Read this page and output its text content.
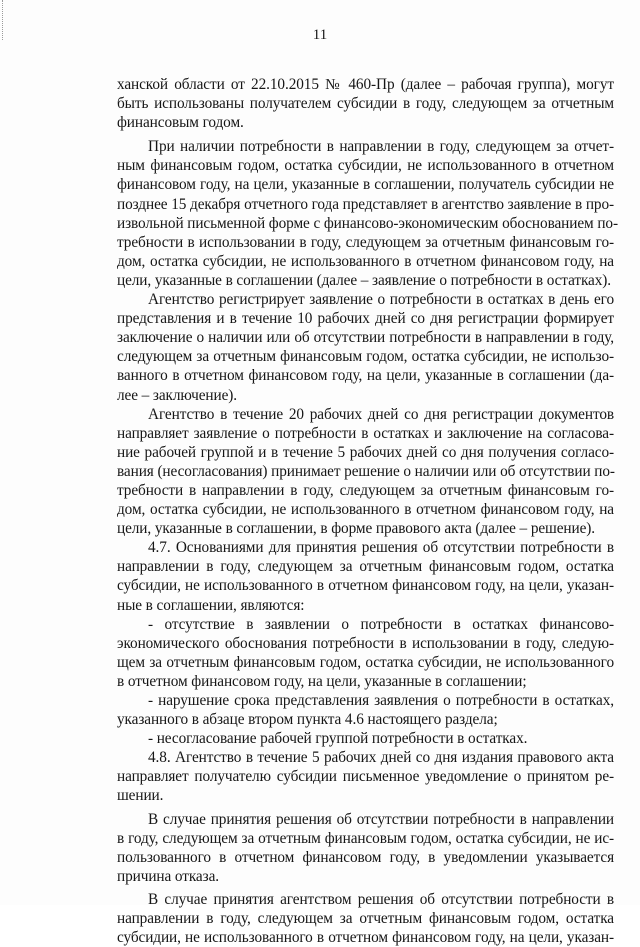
11
ханской области от 22.10.2015 № 460-Пр (далее – рабочая группа), могут
быть использованы получателем субсидии в году, следующем за отчетным
финансовым годом.
При наличии потребности в направлении в году, следующем за отчет-
ным финансовым годом, остатка субсидии, не использованного в отчетном
финансовом году, на цели, указанные в соглашении, получатель субсидии не
позднее 15 декабря отчетного года представляет в агентство заявление в про-
извольной письменной форме с финансово-экономическим обоснованием по-
требности в использовании в году, следующем за отчетным финансовым го-
дом, остатка субсидии, не использованного в отчетном финансовом году, на
цели, указанные в соглашении (далее – заявление о потребности в остатках).
Агентство регистрирует заявление о потребности в остатках в день его
представления и в течение 10 рабочих дней со дня регистрации формирует
заключение о наличии или об отсутствии потребности в направлении в году,
следующем за отчетным финансовым годом, остатка субсидии, не использо-
ванного в отчетном финансовом году, на цели, указанные в соглашении (да-
лее – заключение).
Агентство в течение 20 рабочих дней со дня регистрации документов
направляет заявление о потребности в остатках и заключение на согласова-
ние рабочей группой и в течение 5 рабочих дней со дня получения согласо-
вания (несогласования) принимает решение о наличии или об отсутствии по-
требности в направлении в году, следующем за отчетным финансовым го-
дом, остатка субсидии, не использованного в отчетном финансовом году, на
цели, указанные в соглашении, в форме правового акта (далее – решение).
4.7. Основаниями для принятия решения об отсутствии потребности в
направлении в году, следующем за отчетным финансовым годом, остатка
субсидии, не использованного в отчетном финансовом году, на цели, указан-
ные в соглашении, являются:
- отсутствие в заявлении о потребности в остатках финансово-
экономического обоснования потребности в использовании в году, следую-
щем за отчетным финансовым годом, остатка субсидии, не использованного
в отчетном финансовом году, на цели, указанные в соглашении;
- нарушение срока представления заявления о потребности в остатках,
указанного в абзаце втором пункта 4.6 настоящего раздела;
- несогласование рабочей группой потребности в остатках.
4.8. Агентство в течение 5 рабочих дней со дня издания правового акта
направляет получателю субсидии письменное уведомление о принятом ре-
шении.
В случае принятия решения об отсутствии потребности в направлении
в году, следующем за отчетным финансовым годом, остатка субсидии, не ис-
пользованного в отчетном финансовом году, в уведомлении указывается
причина отказа.
В случае принятия агентством решения об отсутствии потребности в
направлении в году, следующем за отчетным финансовым годом, остатка
субсидии, не использованного в отчетном финансовом году, на цели, указан-
